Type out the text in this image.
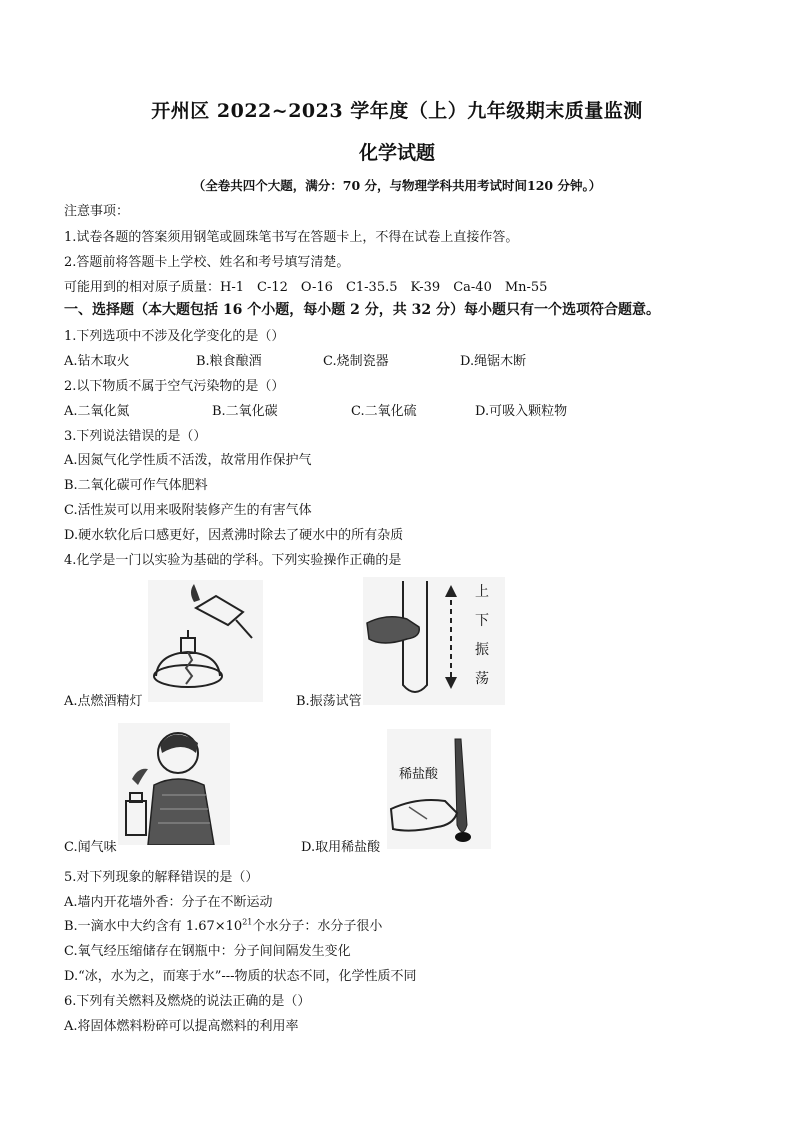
开州区 2022~2023 学年度（上）九年级期末质量监测
化学试题
（全卷共四个大题，满分：70 分，与物理学科共用考试时间120 分钟。）
注意事项：
1.试卷各题的答案须用钢笔或圆珠笔书写在答题卡上，不得在试卷上直接作答。
2.答题前将答题卡上学校、姓名和考号填写清楚。
可能用到的相对原子质量：H-1　C-12　O-16　C1-35.5　K-39　Ca-40　Mn-55
一、选择题（本大题包括 16 个小题，每小题 2 分，共 32 分）每小题只有一个选项符合题意。
1.下列选项中不涉及化学变化的是（）
A.钻木取火	B.粮食酿酒	C.烧制瓷器	D.绳锯木断
2.以下物质不属于空气污染物的是（）
A.二氧化氮	B.二氧化碳	C.二氧化硫	D.可吸入颗粒物
3.下列说法错误的是（）
A.因氮气化学性质不活泼，故常用作保护气
B.二氧化碳可作气体肥料
C.活性炭可以用来吸附装修产生的有害气体
D.硬水软化后口感更好，因煮沸时除去了硬水中的所有杂质
4.化学是一门以实验为基础的学科。下列实验操作正确的是
A.点燃酒精灯
上
下
振
荡
B.振荡试管
C.闻气味
稀盐酸
D.取用稀盐酸
5.对下列现象的解释错误的是（）
A.墙内开花墙外香：分子在不断运动
B.一滴水中大约含有 $1.67\times 10^{21}$个水分子：水分子很小
C.氧气经压缩储存在钢瓶中：分子间间隔发生变化
D.“冰，水为之，而寒于水”---物质的状态不同，化学性质不同
6.下列有关燃料及燃烧的说法正确的是（）
A.将固体燃料粉碎可以提高燃料的利用率
